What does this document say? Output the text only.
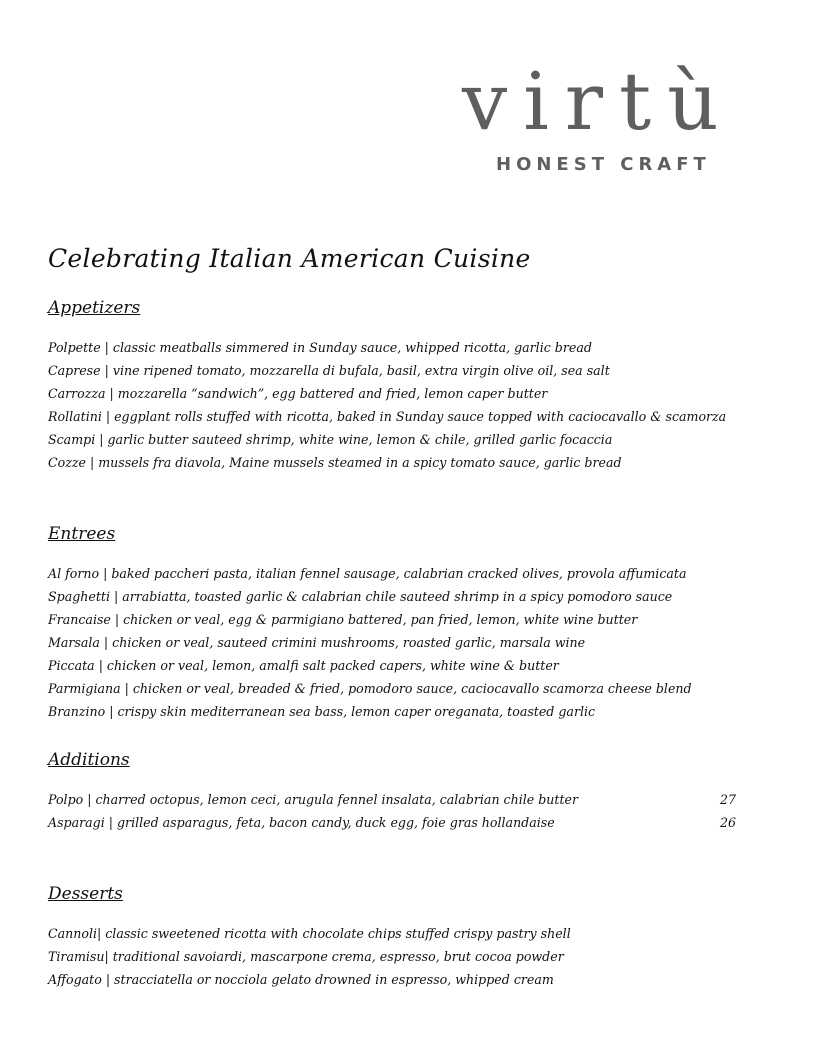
virtù
HONEST CRAFT
Celebrating Italian American Cuisine
Appetizers
Polpette | classic meatballs simmered in Sunday sauce, whipped ricotta, garlic bread
Caprese | vine ripened tomato, mozzarella di bufala, basil, extra virgin olive oil, sea salt
Carrozza | mozzarella “sandwich”, egg battered and fried, lemon caper butter
Rollatini | eggplant rolls stuffed with ricotta, baked in Sunday sauce topped with caciocavallo & scamorza
Scampi | garlic butter sauteed shrimp, white wine, lemon & chile, grilled garlic focaccia
Cozze | mussels fra diavola, Maine mussels steamed in a spicy tomato sauce, garlic bread
Entrees
Al forno | baked paccheri pasta, italian fennel sausage, calabrian cracked olives, provola affumicata
Spaghetti | arrabiatta, toasted garlic & calabrian chile sauteed shrimp in a spicy pomodoro sauce
Francaise | chicken or veal, egg & parmigiano battered, pan fried, lemon, white wine butter
Marsala | chicken or veal, sauteed crimini mushrooms, roasted garlic, marsala wine
Piccata | chicken or veal, lemon, amalfi salt packed capers, white wine & butter
Parmigiana | chicken or veal, breaded & fried, pomodoro sauce, caciocavallo scamorza cheese blend
Branzino | crispy skin mediterranean sea bass, lemon caper oreganata, toasted garlic
Additions
Polpo | charred octopus, lemon ceci, arugula fennel insalata, calabrian chile butter	27
Asparagi | grilled asparagus, feta, bacon candy, duck egg, foie gras hollandaise	26
Desserts
Cannoli| classic sweetened ricotta with chocolate chips stuffed crispy pastry shell
Tiramisu| traditional savoiardi, mascarpone crema, espresso, brut cocoa powder
Affogato | stracciatella or nocciola gelato drowned in espresso, whipped cream
